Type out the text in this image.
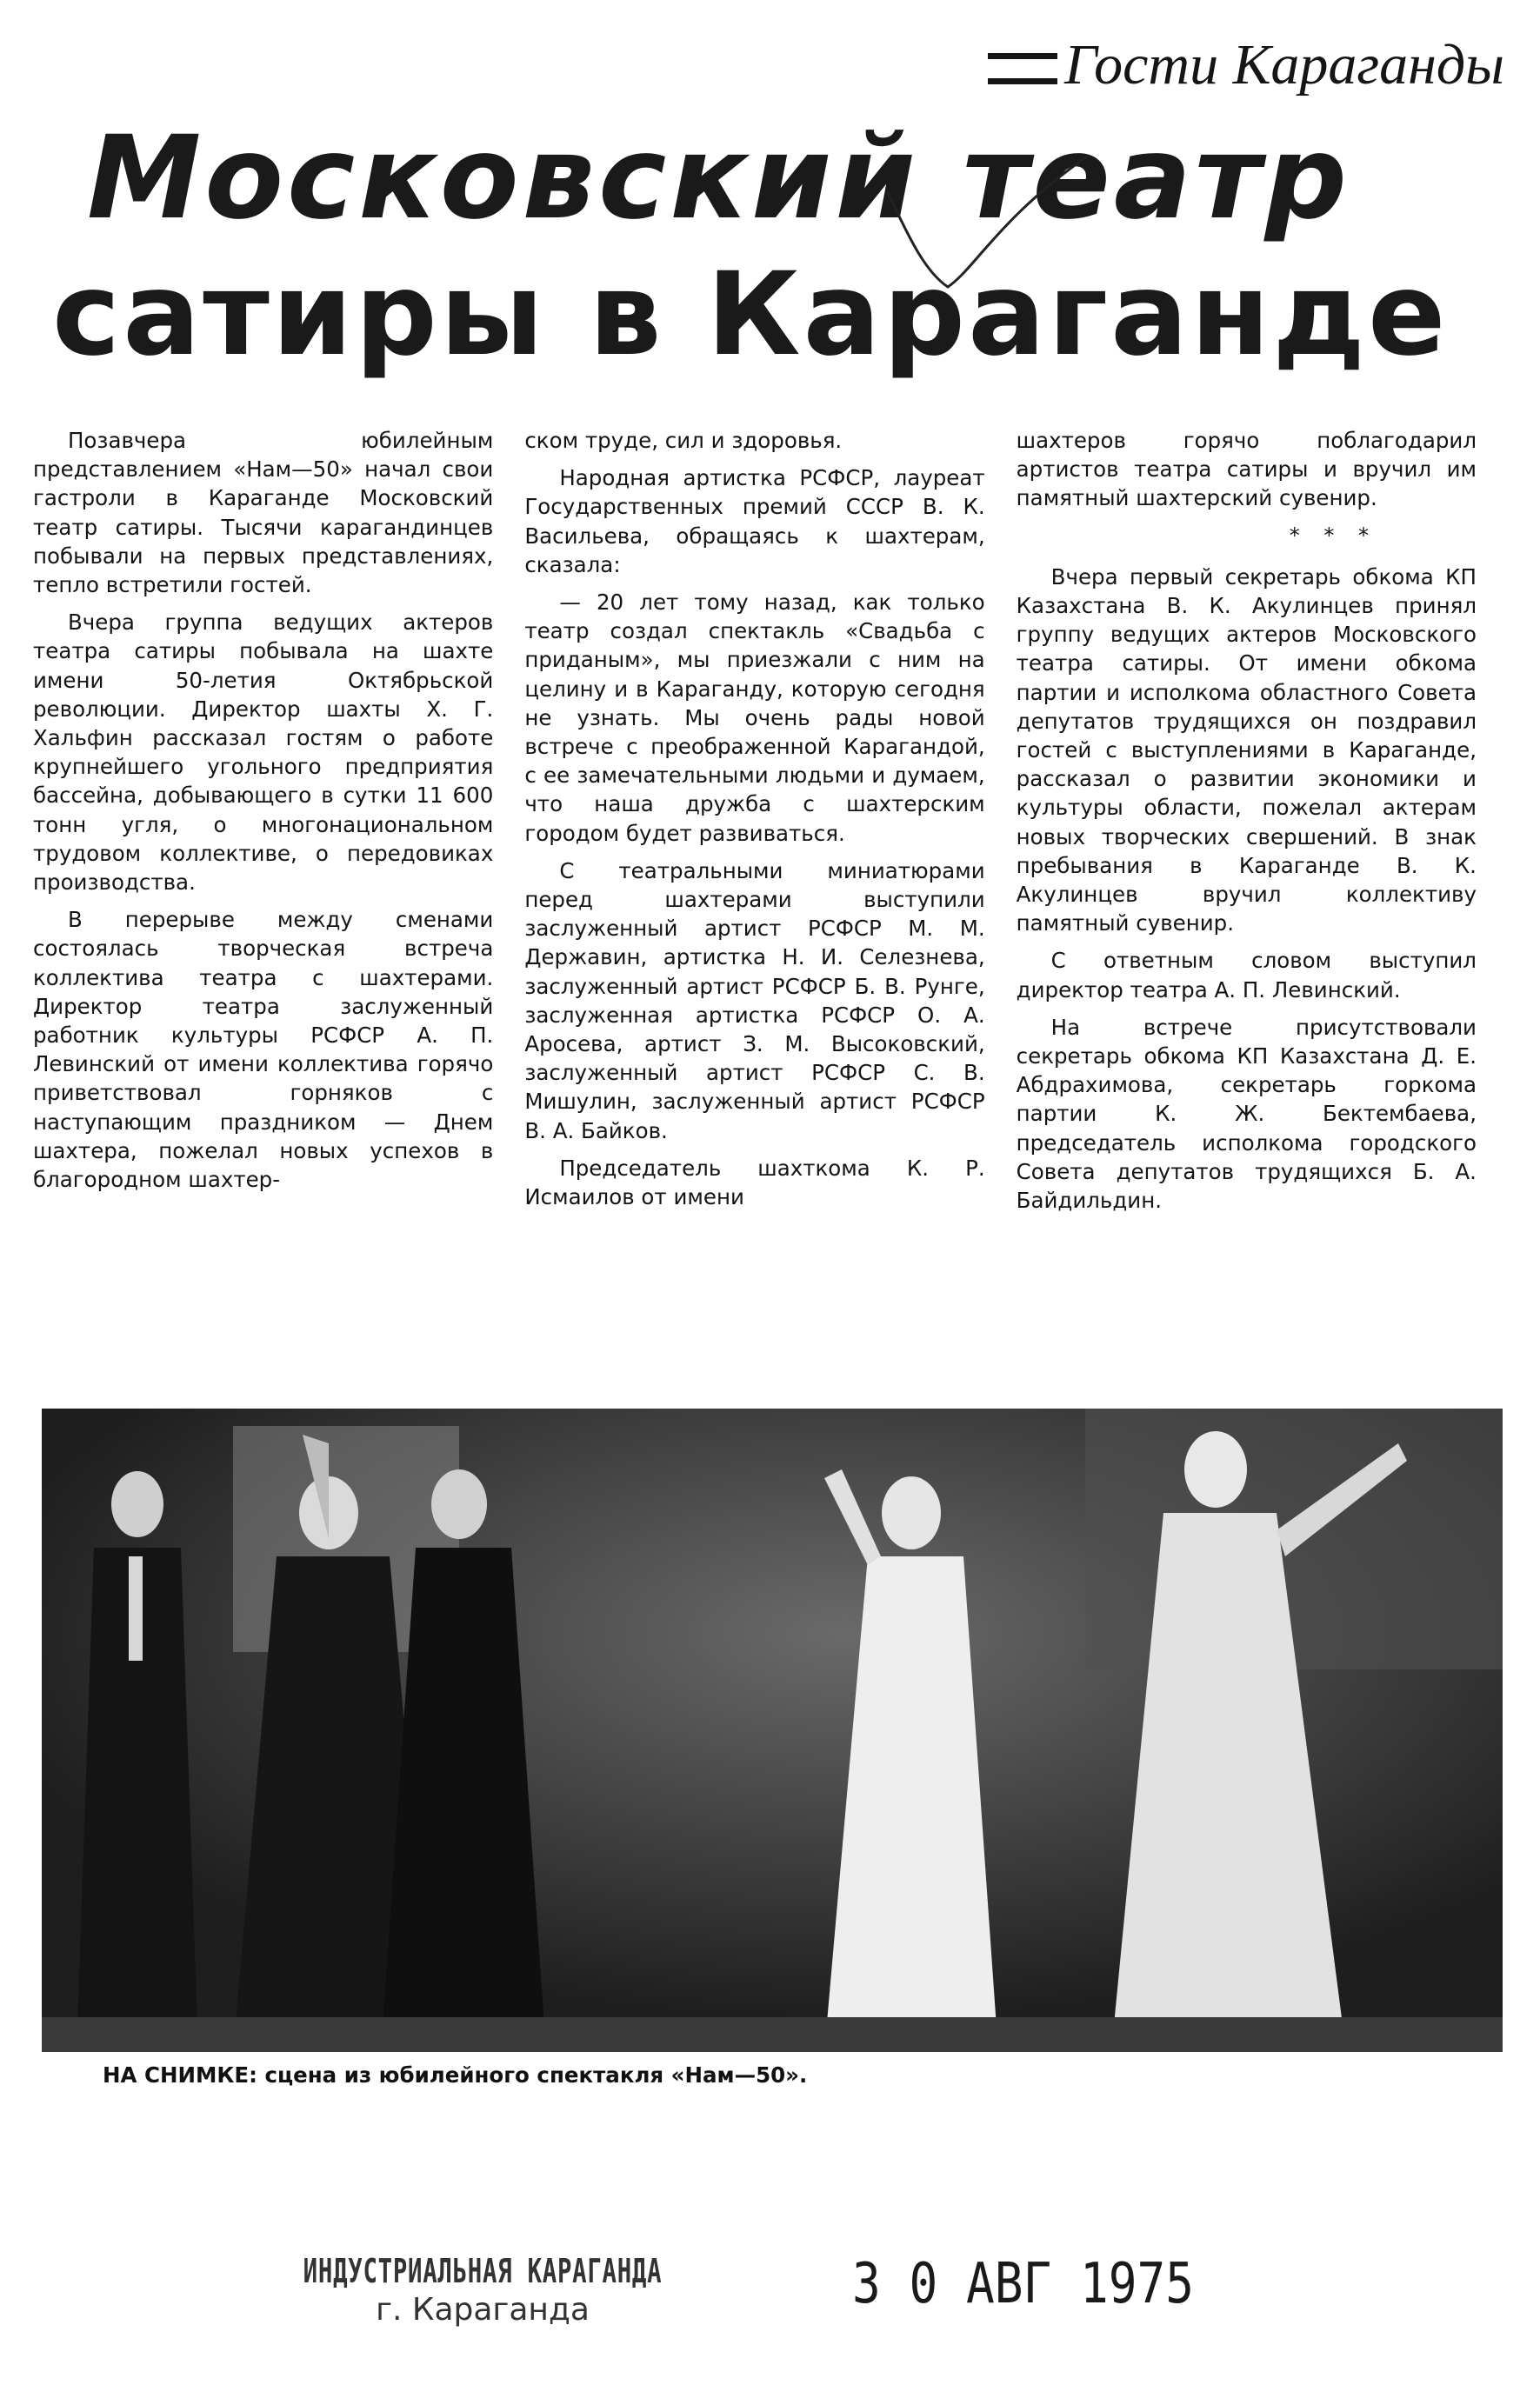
Гости Караганды
Московский театр
сатиры в Караганде

Позавчера юбилейным представлением «Нам—50» начал свои гастроли в Караганде Московский театр сатиры. Тысячи карагандинцев побывали на первых представлениях, тепло встретили гостей.

Вчера группа ведущих актеров театра сатиры побывала на шахте имени 50-летия Октябрьской революции. Директор шахты Х. Г. Хальфин рассказал гостям о работе крупнейшего угольного предприятия бассейна, добывающего в сутки 11 600 тонн угля, о многонациональном трудовом коллективе, о передовиках производства.

В перерыве между сменами состоялась творческая встреча коллектива театра с шахтерами. Директор театра заслуженный работник культуры РСФСР А. П. Левинский от имени коллектива горячо приветствовал горняков с наступающим праздником — Днем шахтера, пожелал новых успехов в благородном шахтер-

ском труде, сил и здоровья.

Народная артистка РСФСР, лауреат Государственных премий СССР В. К. Васильева, обращаясь к шахтерам, сказала:

— 20 лет тому назад, как только театр создал спектакль «Свадьба с приданым», мы приезжали с ним на целину и в Караганду, которую сегодня не узнать. Мы очень рады новой встрече с преображенной Карагандой, с ее замечательными людьми и думаем, что наша дружба с шахтерским городом будет развиваться.

С театральными миниатюрами перед шахтерами выступили заслуженный артист РСФСР М. М. Державин, артистка Н. И. Селезнева, заслуженный артист РСФСР Б. В. Рунге, заслуженная артистка РСФСР О. А. Аросева, артист З. М. Высоковский, заслуженный артист РСФСР С. В. Мишулин, заслуженный артист РСФСР В. А. Байков.

Председатель шахткома К. Р. Исмаилов от имени

шахтеров горячо поблагодарил артистов театра сатиры и вручил им памятный шахтерский сувенир.

* * *

Вчера первый секретарь обкома КП Казахстана В. К. Акулинцев принял группу ведущих актеров Московского театра сатиры. От имени обкома партии и исполкома областного Совета депутатов трудящихся он поздравил гостей с выступлениями в Караганде, рассказал о развитии экономики и культуры области, пожелал актерам новых творческих свершений. В знак пребывания в Караганде В. К. Акулинцев вручил коллективу памятный сувенир.

С ответным словом выступил директор театра А. П. Левинский.

На встрече присутствовали секретарь обкома КП Казахстана Д. Е. Абдрахимова, секретарь горкома партии К. Ж. Бектембаева, председатель исполкома городского Совета депутатов трудящихся Б. А. Байдильдин.

НА СНИМКЕ: сцена из юбилейного спектакля «Нам—50».
ИНДУСТРИАЛЬНАЯ КАРАГАНДА
г. Караганда	3 0 АВГ 1975
